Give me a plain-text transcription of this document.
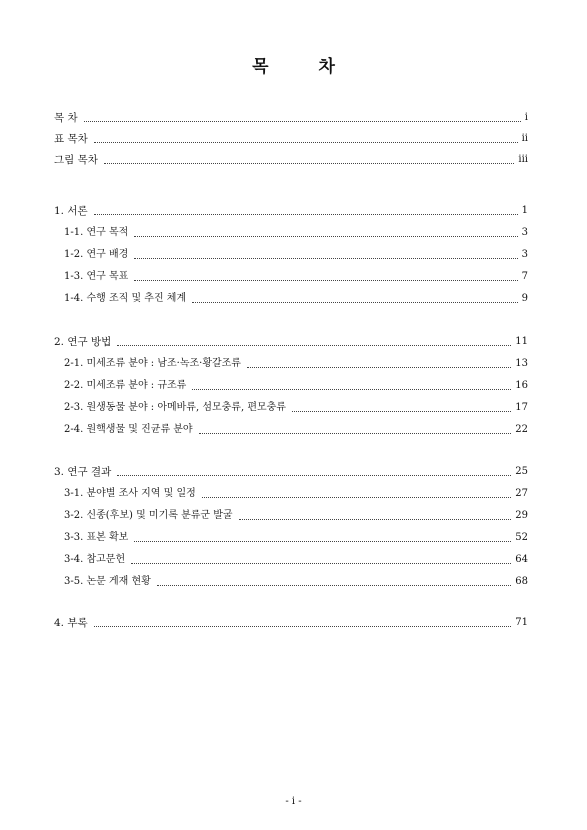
목 차
목 차	i
표 목차	ii
그림 목차	iii
1. 서론	1
1-1. 연구 목적	3
1-2. 연구 배경	3
1-3. 연구 목표	7
1-4. 수행 조직 및 추진 체계	9
2. 연구 방법	11
2-1. 미세조류 분야 : 남조·녹조·황갈조류	13
2-2. 미세조류 분야 : 규조류	16
2-3. 원생동물 분야 : 아메바류, 섬모충류, 편모충류	17
2-4. 원핵생물 및 진균류 분야	22
3. 연구 결과	25
3-1. 분야별 조사 지역 및 일정	27
3-2. 신종(후보) 및 미기록 분류군 발굴	29
3-3. 표본 확보	52
3-4. 참고문헌	64
3-5. 논문 게재 현황	68
4. 부록	71
- i -
